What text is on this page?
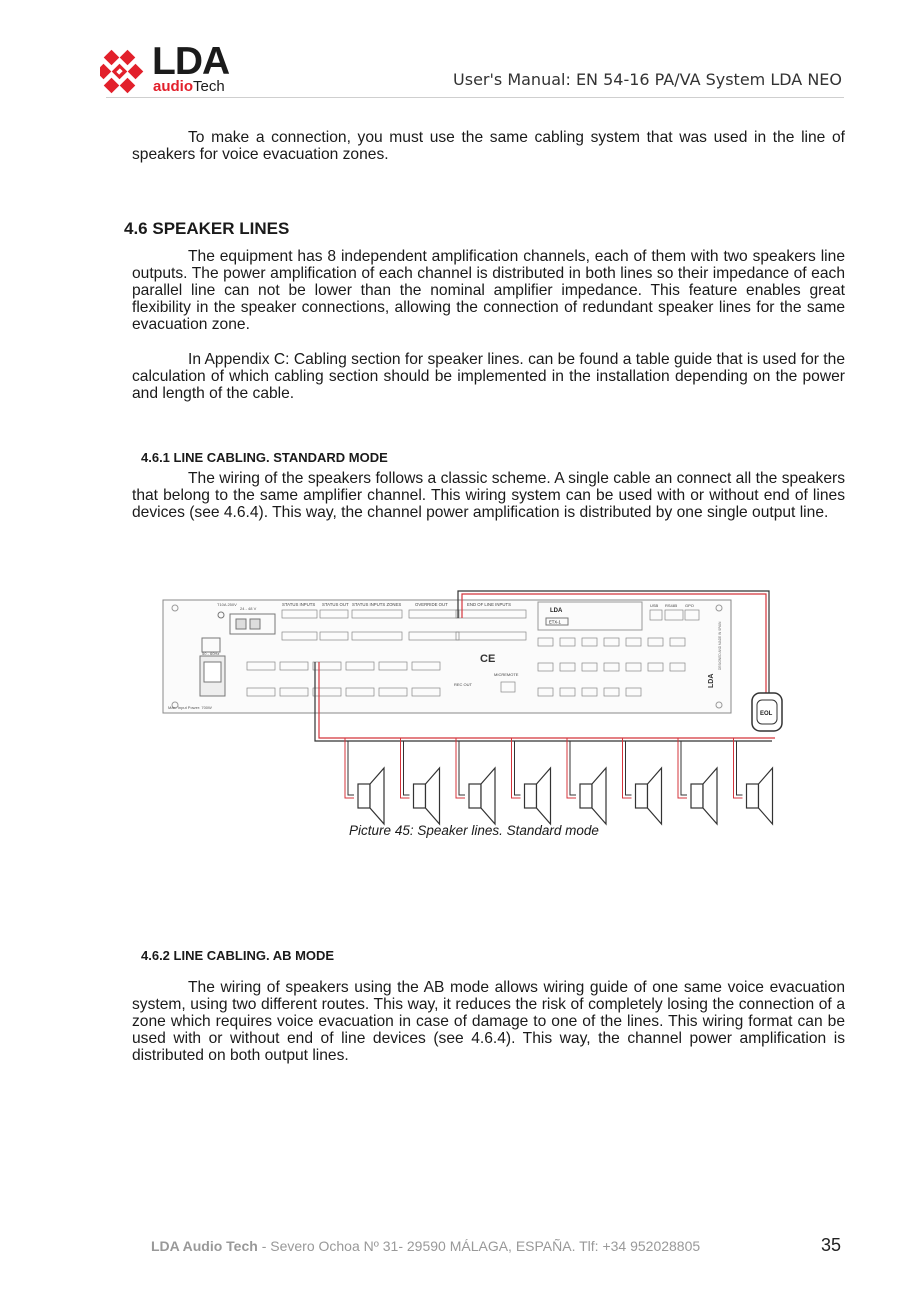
LDA
audioTech	User's Manual: EN 54-16 PA/VA System LDA NEO

To make a connection, you must use the same cabling system that was used in the line of speakers for voice evacuation zones.

4.6 SPEAKER LINES

The equipment has 8 independent amplification channels, each of them with two speakers line outputs. The power amplification of each channel is distributed in both lines so their impedance of each parallel line can not be lower than the nominal amplifier impedance. This feature enables great flexibility in the speaker connections, allowing the connection of redundant speaker lines for the same evacuation zone.

In Appendix C: Cabling section for speaker lines. can be found a table guide that is used for the calculation of which cabling section should be implemented in the installation depending on the power and length of the cable.

4.6.1 LINE CABLING. STANDARD MODE

The wiring of the speakers follows a classic scheme. A single cable an connect all the speakers that belong to the same amplifier channel. This wiring system can be used with or without end of lines devices (see 4.6.4). This way, the channel power amplification is distributed by one single output line.

T10A 250V
24 - 48 V
50 - 60Hz
Max. Input Power: 700W
STATUS INPUTS STATUS OUT STATUS INPUTS ZONES	OVERRIDE OUT	END OF LINE INPUTS
REC OUT
MICREMOTE
USB RS485 GPO
LDA
ETX-1
LDA
DESIGNED AND MADE IN SPAIN
CE
EOL

Picture 45: Speaker lines. Standard mode

4.6.2 LINE CABLING. AB MODE

The wiring of speakers using the AB mode allows wiring guide of one same voice evacuation system, using two different routes. This way, it reduces the risk of completely losing the connection of a zone which requires voice evacuation in case of damage to one of the lines. This wiring format can be used with or without end of line devices (see 4.6.4). This way, the channel power amplification is distributed on both output lines.

LDA Audio Tech - Severo Ochoa Nº 31- 29590 MÁLAGA, ESPAÑA. Tlf: +34 952028805	35
